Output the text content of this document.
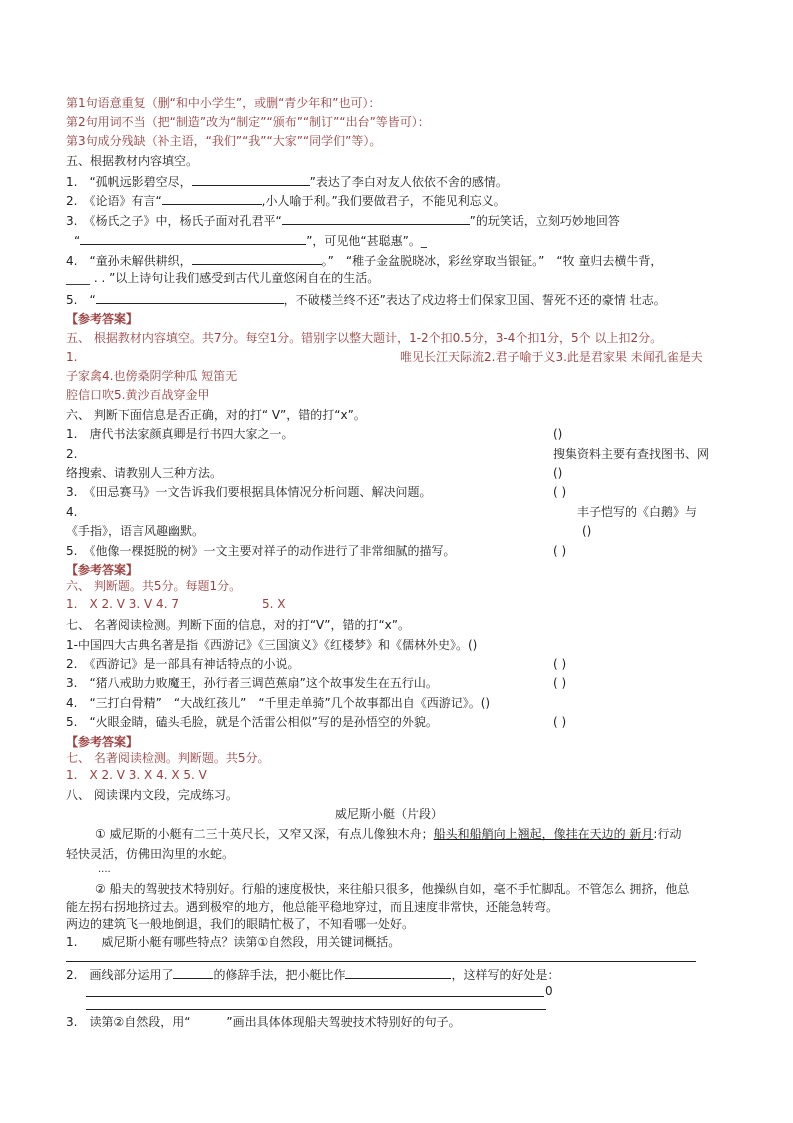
第1句语意重复（删“和中小学生”，或删“青少年和”也可）：
第2句用词不当（把“制造”改为“制定”“颁布”“制订”“出台”等皆可）：
第3句成分残缺（补主语，“我们”“我”“大家”“同学们”等）。
五、根据教材内容填空。
1.　“孤帆远影碧空尽，	”表达了李白对友人依依不舍的感情。
2.　《论语》有言“	,小人喻于利。”我们要做君子，不能见利忘义。
3.　《杨氏之子》中，杨氏子面对孔君平“	”的玩笑话，立刻巧妙地回答
“	”，可见他“甚聪惠”。_
4.　“童孙未解供耕织，	。”　“稚子金盆脱晓冰，彩丝穿取当银钲。”　“牧 童归去横牛背，
____ . . ”以上诗句让我们感受到古代儿童悠闲自在的生活。
5.　“	，不破楼兰终不还”表达了戍边将士们保家卫国、誓死不还的豪情 壮志。
【参考答案】
五、 根据教材内容填空。共7分。每空1分。错别字以整大题计，1-2个扣0.5分，3-4个扣1分，5个 以上扣2分。
1.	唯见长江天际流2.君子喻于义3.此是君家果 未闻孔雀是夫
子家禽4.也傍桑阴学种瓜 短笛无
腔信口吹5.黄沙百战穿金甲
六、 判断下面信息是否正确，对的打“ V”，错的打“x”。
1.　唐代书法家颜真卿是行书四大家之一。	()
2.	搜集资料主要有查找图书、网
络搜索、请教别人三种方法。	()
3.　《田忌赛马》一文告诉我们要根据具体情况分析问题、解决问题。	( )
4.	丰子恺写的《白鹅》与
《手指》，语言风趣幽默。	()
5.　《他像一棵挺脱的树》一文主要对祥子的动作进行了非常细腻的描写。	( )
【参考答案】
六、 判断题。共5分。每题1分。
1.　X 2. V 3. V 4. 7	5. X
七、 名著阅读检测。判断下面的信息，对的打“V”，错的打“x”。
1-中国四大古典名著是指《西游记》《三国演义》《红楼梦》和《儒林外史》。()
2.　《西游记》是一部具有神话特点的小说。	( )
3.　“猪八戒助力败魔王，孙行者三调芭蕉扇”这个故事发生在五行山。	( )
4.　“三打白骨精”　“大战红孩儿”　“千里走单骑”几个故事都出自《西游记》。()
5.　“火眼金睛，磕头毛脸，就是个活雷公相似”写的是孙悟空的外貌。	( )
【参考答案】
七、 名著阅读检测。判断题。共5分。
1.　X 2. V 3. X 4. X 5. V
八、 阅读课内文段，完成练习。
威尼斯小艇（片段）
① 威尼斯的小艇有二三十英尺长，又窄又深，有点儿像独木舟；船头和船艄向上翘起，像挂在天边的 新月:行动
轻快灵活，仿佛田沟里的水蛇。
....
② 船夫的驾驶技术特别好。行船的速度极快，来往船只很多，他操纵自如，毫不手忙脚乱。不管怎么 拥挤，他总
能左拐右拐地挤过去。遇到极窄的地方，他总能平稳地穿过，而且速度非常快，还能急转弯。
两边的建筑飞一般地倒退，我们的眼睛忙极了，不知看哪一处好。
1.　　威尼斯小艇有哪些特点？读第①自然段，用关键词概括。
2.　画线部分运用了	的修辞手法，把小艇比作	，这样写的好处是：
0
3.　读第②自然段，用“　　　”画出具体体现船夫驾驶技术特别好的句子。
